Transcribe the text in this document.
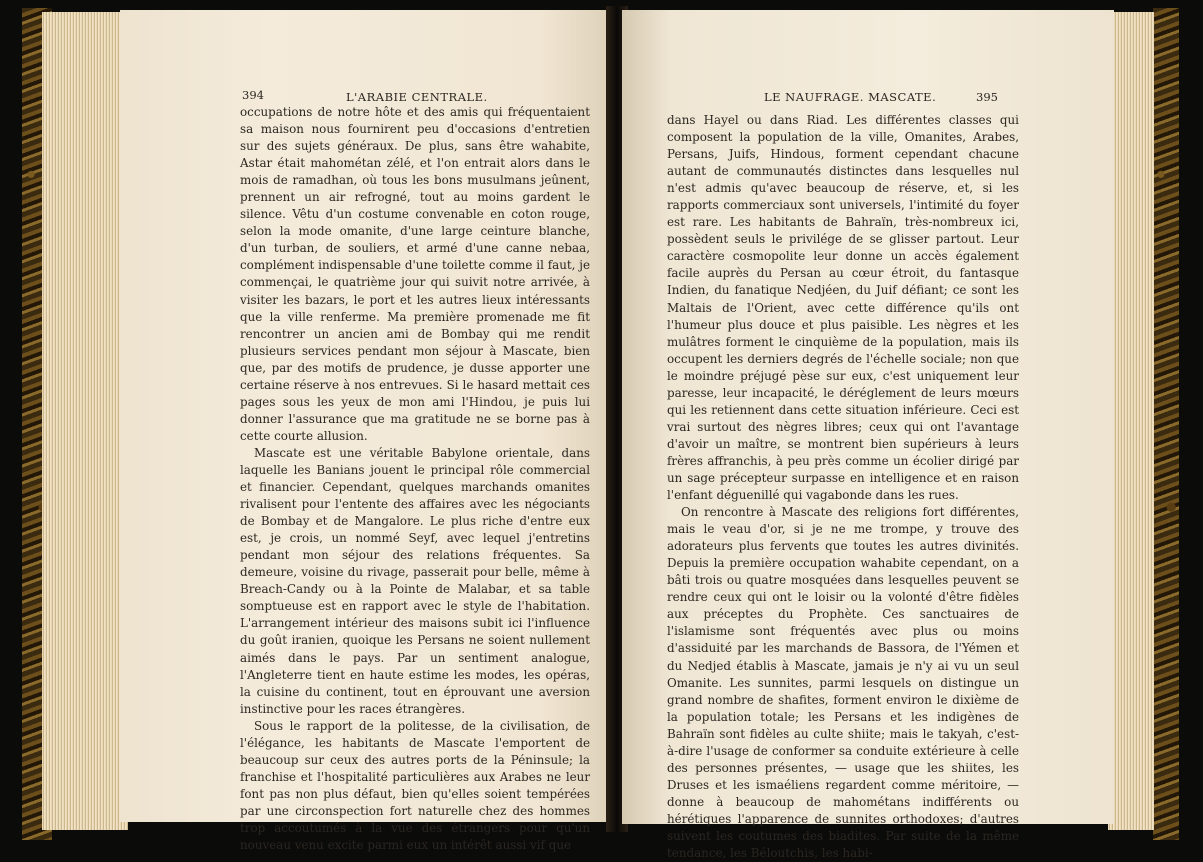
394	L'ARABIE CENTRALE.

occupations de notre hôte et des amis qui fréquentaient sa maison nous fournirent peu d'occasions d'entretien sur des sujets généraux. De plus, sans être wahabite, Astar était mahométan zélé, et l'on entrait alors dans le mois de ramadhan, où tous les bons musulmans jeûnent, prennent un air refrogné, tout au moins gardent le silence. Vêtu d'un costume convenable en coton rouge, selon la mode omanite, d'une large ceinture blanche, d'un turban, de souliers, et armé d'une canne nebaa, complément indispensable d'une toilette comme il faut, je commençai, le quatrième jour qui suivit notre arrivée, à visiter les bazars, le port et les autres lieux intéressants que la ville renferme. Ma première promenade me fit rencontrer un ancien ami de Bombay qui me rendit plusieurs services pendant mon séjour à Mascate, bien que, par des motifs de prudence, je dusse apporter une certaine réserve à nos entrevues. Si le hasard mettait ces pages sous les yeux de mon ami l'Hindou, je puis lui donner l'assurance que ma gratitude ne se borne pas à cette courte allusion.

Mascate est une véritable Babylone orientale, dans laquelle les Banians jouent le principal rôle commercial et financier. Cependant, quelques marchands omanites rivalisent pour l'entente des affaires avec les négociants de Bombay et de Mangalore. Le plus riche d'entre eux est, je crois, un nommé Seyf, avec lequel j'entretins pendant mon séjour des relations fréquentes. Sa demeure, voisine du rivage, passerait pour belle, même à Breach-Candy ou à la Pointe de Malabar, et sa table somptueuse est en rapport avec le style de l'habitation. L'arrangement intérieur des maisons subit ici l'influence du goût iranien, quoique les Persans ne soient nullement aimés dans le pays. Par un sentiment analogue, l'Angleterre tient en haute estime les modes, les opéras, la cuisine du continent, tout en éprouvant une aversion instinctive pour les races étrangères.

Sous le rapport de la politesse, de la civilisation, de l'élégance, les habitants de Mascate l'emportent de beaucoup sur ceux des autres ports de la Péninsule; la franchise et l'hospitalité particulières aux Arabes ne leur font pas non plus défaut, bien qu'elles soient tempérées par une circonspection fort naturelle chez des hommes trop accoutumés à la vue des étrangers pour qu'un nouveau venu excite parmi eux un intérêt aussi vif que

LE NAUFRAGE. MASCATE.	395

dans Hayel ou dans Riad. Les différentes classes qui composent la population de la ville, Omanites, Arabes, Persans, Juifs, Hindous, forment cependant chacune autant de communautés distinctes dans lesquelles nul n'est admis qu'avec beaucoup de réserve, et, si les rapports commerciaux sont universels, l'intimité du foyer est rare. Les habitants de Bahraïn, très-nombreux ici, possèdent seuls le privilége de se glisser partout. Leur caractère cosmopolite leur donne un accès également facile auprès du Persan au cœur étroit, du fantasque Indien, du fanatique Nedjéen, du Juif défiant; ce sont les Maltais de l'Orient, avec cette différence qu'ils ont l'humeur plus douce et plus paisible. Les nègres et les mulâtres forment le cinquième de la population, mais ils occupent les derniers degrés de l'échelle sociale; non que le moindre préjugé pèse sur eux, c'est uniquement leur paresse, leur incapacité, le déréglement de leurs mœurs qui les retiennent dans cette situation inférieure. Ceci est vrai surtout des nègres libres; ceux qui ont l'avantage d'avoir un maître, se montrent bien supérieurs à leurs frères affranchis, à peu près comme un écolier dirigé par un sage précepteur surpasse en intelligence et en raison l'enfant déguenillé qui vagabonde dans les rues.

On rencontre à Mascate des religions fort différentes, mais le veau d'or, si je ne me trompe, y trouve des adorateurs plus fervents que toutes les autres divinités. Depuis la première occupation wahabite cependant, on a bâti trois ou quatre mosquées dans lesquelles peuvent se rendre ceux qui ont le loisir ou la volonté d'être fidèles aux préceptes du Prophète. Ces sanctuaires de l'islamisme sont fréquentés avec plus ou moins d'assiduité par les marchands de Bassora, de l'Yémen et du Nedjed établis à Mascate, jamais je n'y ai vu un seul Omanite. Les sunnites, parmi lesquels on distingue un grand nombre de shafites, forment environ le dixième de la population totale; les Persans et les indigènes de Bahraïn sont fidèles au culte shiite; mais le takyah, c'est-à-dire l'usage de conformer sa conduite extérieure à celle des personnes présentes, — usage que les shiites, les Druses et les ismaéliens regardent comme méritoire, — donne à beaucoup de mahométans indifférents ou hérétiques l'apparence de sunnites orthodoxes; d'autres suivent les coutumes des biadites. Par suite de la même tendance, les Béloutchis, les habi-
